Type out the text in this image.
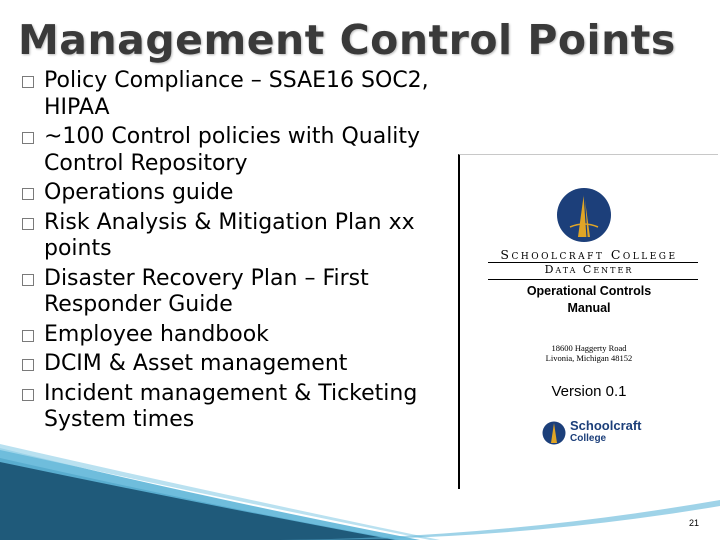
Management Control Points
Policy Compliance – SSAE16 SOC2, HIPAA
~100 Control policies with Quality Control Repository
Operations guide
Risk Analysis & Mitigation Plan xx points
Disaster Recovery Plan – First Responder Guide
Employee handbook
DCIM & Asset management
Incident management & Ticketing System times
Schoolcraft College
Data Center
Operational Controls
Manual
18600 Haggerty Road
Livonia, Michigan 48152
Version 0.1
Schoolcraft
College
21
